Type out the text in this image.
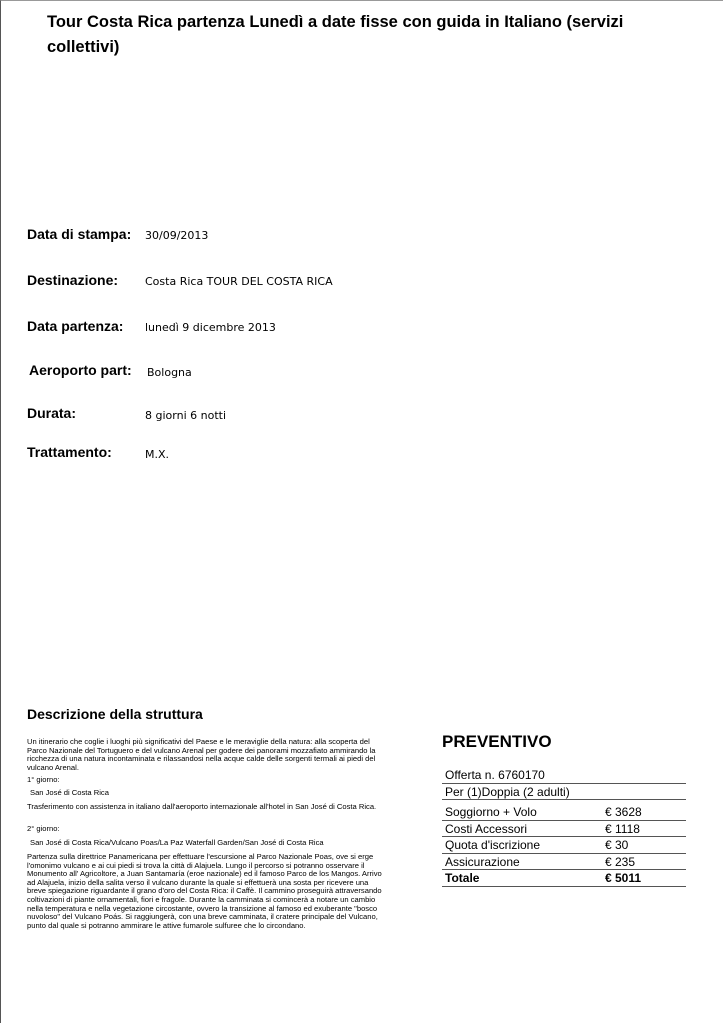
Tour Costa Rica partenza Lunedì a date fisse con guida in Italiano (servizi collettivi)
Data di stampa: 30/09/2013
Destinazione: Costa Rica TOUR DEL COSTA RICA
Data partenza: lunedì 9 dicembre 2013
Aeroporto part: Bologna
Durata:	8 giorni 6 notti
Trattamento:	M.X.
Descrizione della struttura

Un itinerario che coglie i luoghi più significativi del Paese e le meraviglie della natura: alla scoperta del Parco Nazionale del Tortuguero e del vulcano Arenal per godere dei panorami mozzafiato ammirando la ricchezza di una natura incontaminata e rilassandosi nella acque calde delle sorgenti termali ai piedi del vulcano Arenal.

1° giorno:
San José di Costa Rica
Trasferimento con assistenza in italiano dall'aeroporto internazionale all'hotel in San José di Costa Rica.
2° giorno:
San José di Costa Rica/Vulcano Poas/La Paz Waterfall Garden/San José di Costa Rica
Partenza sulla direttrice Panamericana per effettuare l'escursione al Parco Nazionale Poas, ove si erge l'omonimo vulcano e ai cui piedi si trova la città di Alajuela. Lungo il percorso si potranno osservare il Monumento all' Agricoltore, a Juan Santamaría (eroe nazionale) ed il famoso Parco de los Mangos. Arrivo ad Alajuela, inizio della salita verso il vulcano durante la quale si effettuerà una sosta per ricevere una breve spiegazione riguardante il grano d'oro del Costa Rica: il Caffè. Il cammino proseguirà attraversando coltivazioni di piante ornamentali, fiori e fragole. Durante la camminata si comincerà a notare un cambio nella temperatura e nella vegetazione circostante, ovvero la transizione al famoso ed exuberante "bosco nuvoloso" del Vulcano Poás. Si raggiungerà, con una breve camminata, il cratere principale del Vulcano, punto dal quale si potranno ammirare le attive fumarole sulfuree che lo circondano.
PREVENTIVO
Offerta n. 6760170
Per (1)Doppia (2 adulti)
Soggiorno + Volo	€ 3628
Costi Accessori	€ 1118
Quota d'iscrizione	€ 30
Assicurazione	€ 235
Totale	€ 5011
